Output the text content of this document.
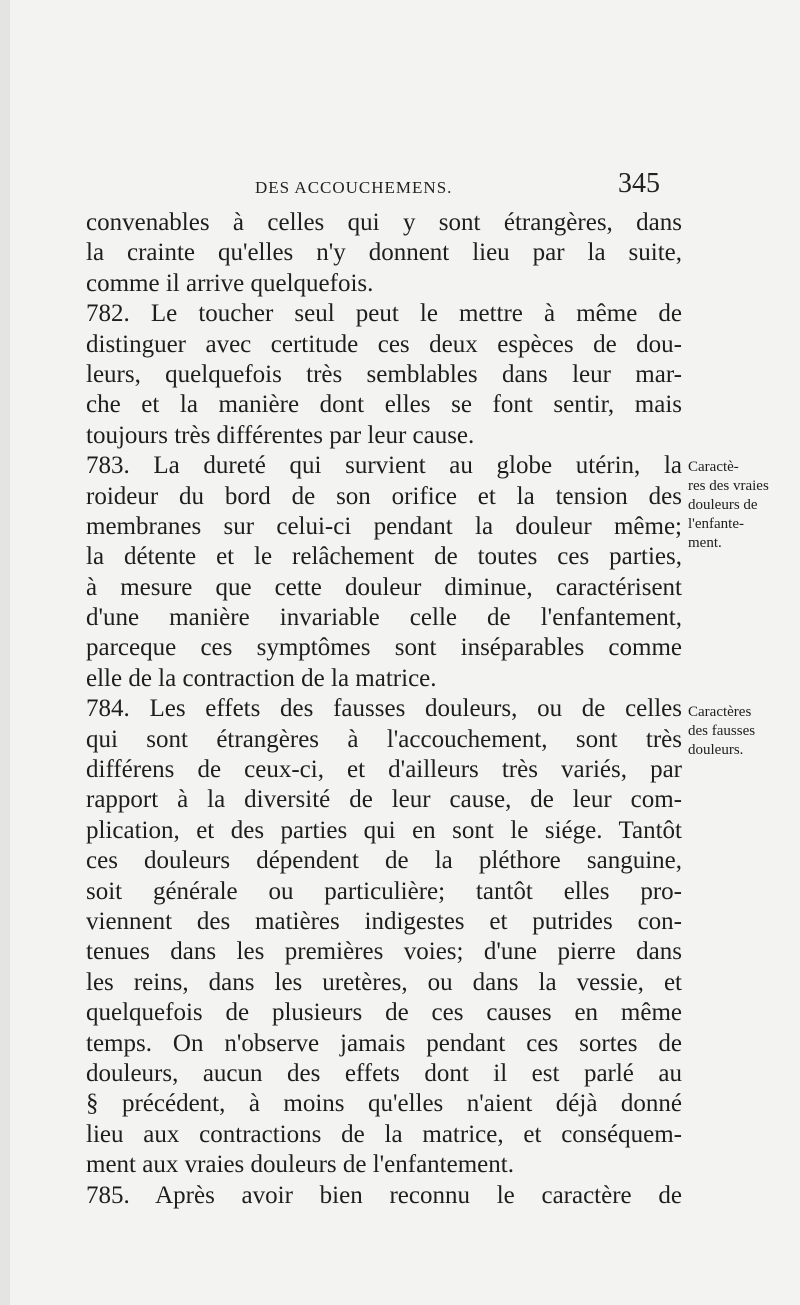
DES ACCOUCHEMENS.	345
convenables à celles qui y sont étrangères, dans
la crainte qu'elles n'y donnent lieu par la suite,
comme il arrive quelquefois.
782. Le toucher seul peut le mettre à même de
distinguer avec certitude ces deux espèces de dou-
leurs, quelquefois très semblables dans leur mar-
che et la manière dont elles se font sentir, mais
toujours très différentes par leur cause.
783. La dureté qui survient au globe utérin, la
roideur du bord de son orifice et la tension des
membranes sur celui-ci pendant la douleur même;
la détente et le relâchement de toutes ces parties,
à mesure que cette douleur diminue, caractérisent
d'une manière invariable celle de l'enfantement,
parceque ces symptômes sont inséparables comme
elle de la contraction de la matrice.
784. Les effets des fausses douleurs, ou de celles
qui sont étrangères à l'accouchement, sont très
différens de ceux-ci, et d'ailleurs très variés, par
rapport à la diversité de leur cause, de leur com-
plication, et des parties qui en sont le siége. Tantôt
ces douleurs dépendent de la pléthore sanguine,
soit générale ou particulière; tantôt elles pro-
viennent des matières indigestes et putrides con-
tenues dans les premières voies; d'une pierre dans
les reins, dans les uretères, ou dans la vessie, et
quelquefois de plusieurs de ces causes en même
temps. On n'observe jamais pendant ces sortes de
douleurs, aucun des effets dont il est parlé au
§ précédent, à moins qu'elles n'aient déjà donné
lieu aux contractions de la matrice, et conséquem-
ment aux vraies douleurs de l'enfantement.
785. Après avoir bien reconnu le caractère de
Caractè-
res des vraies
douleurs de
l'enfante-
ment.
Caractères
des fausses
douleurs.
